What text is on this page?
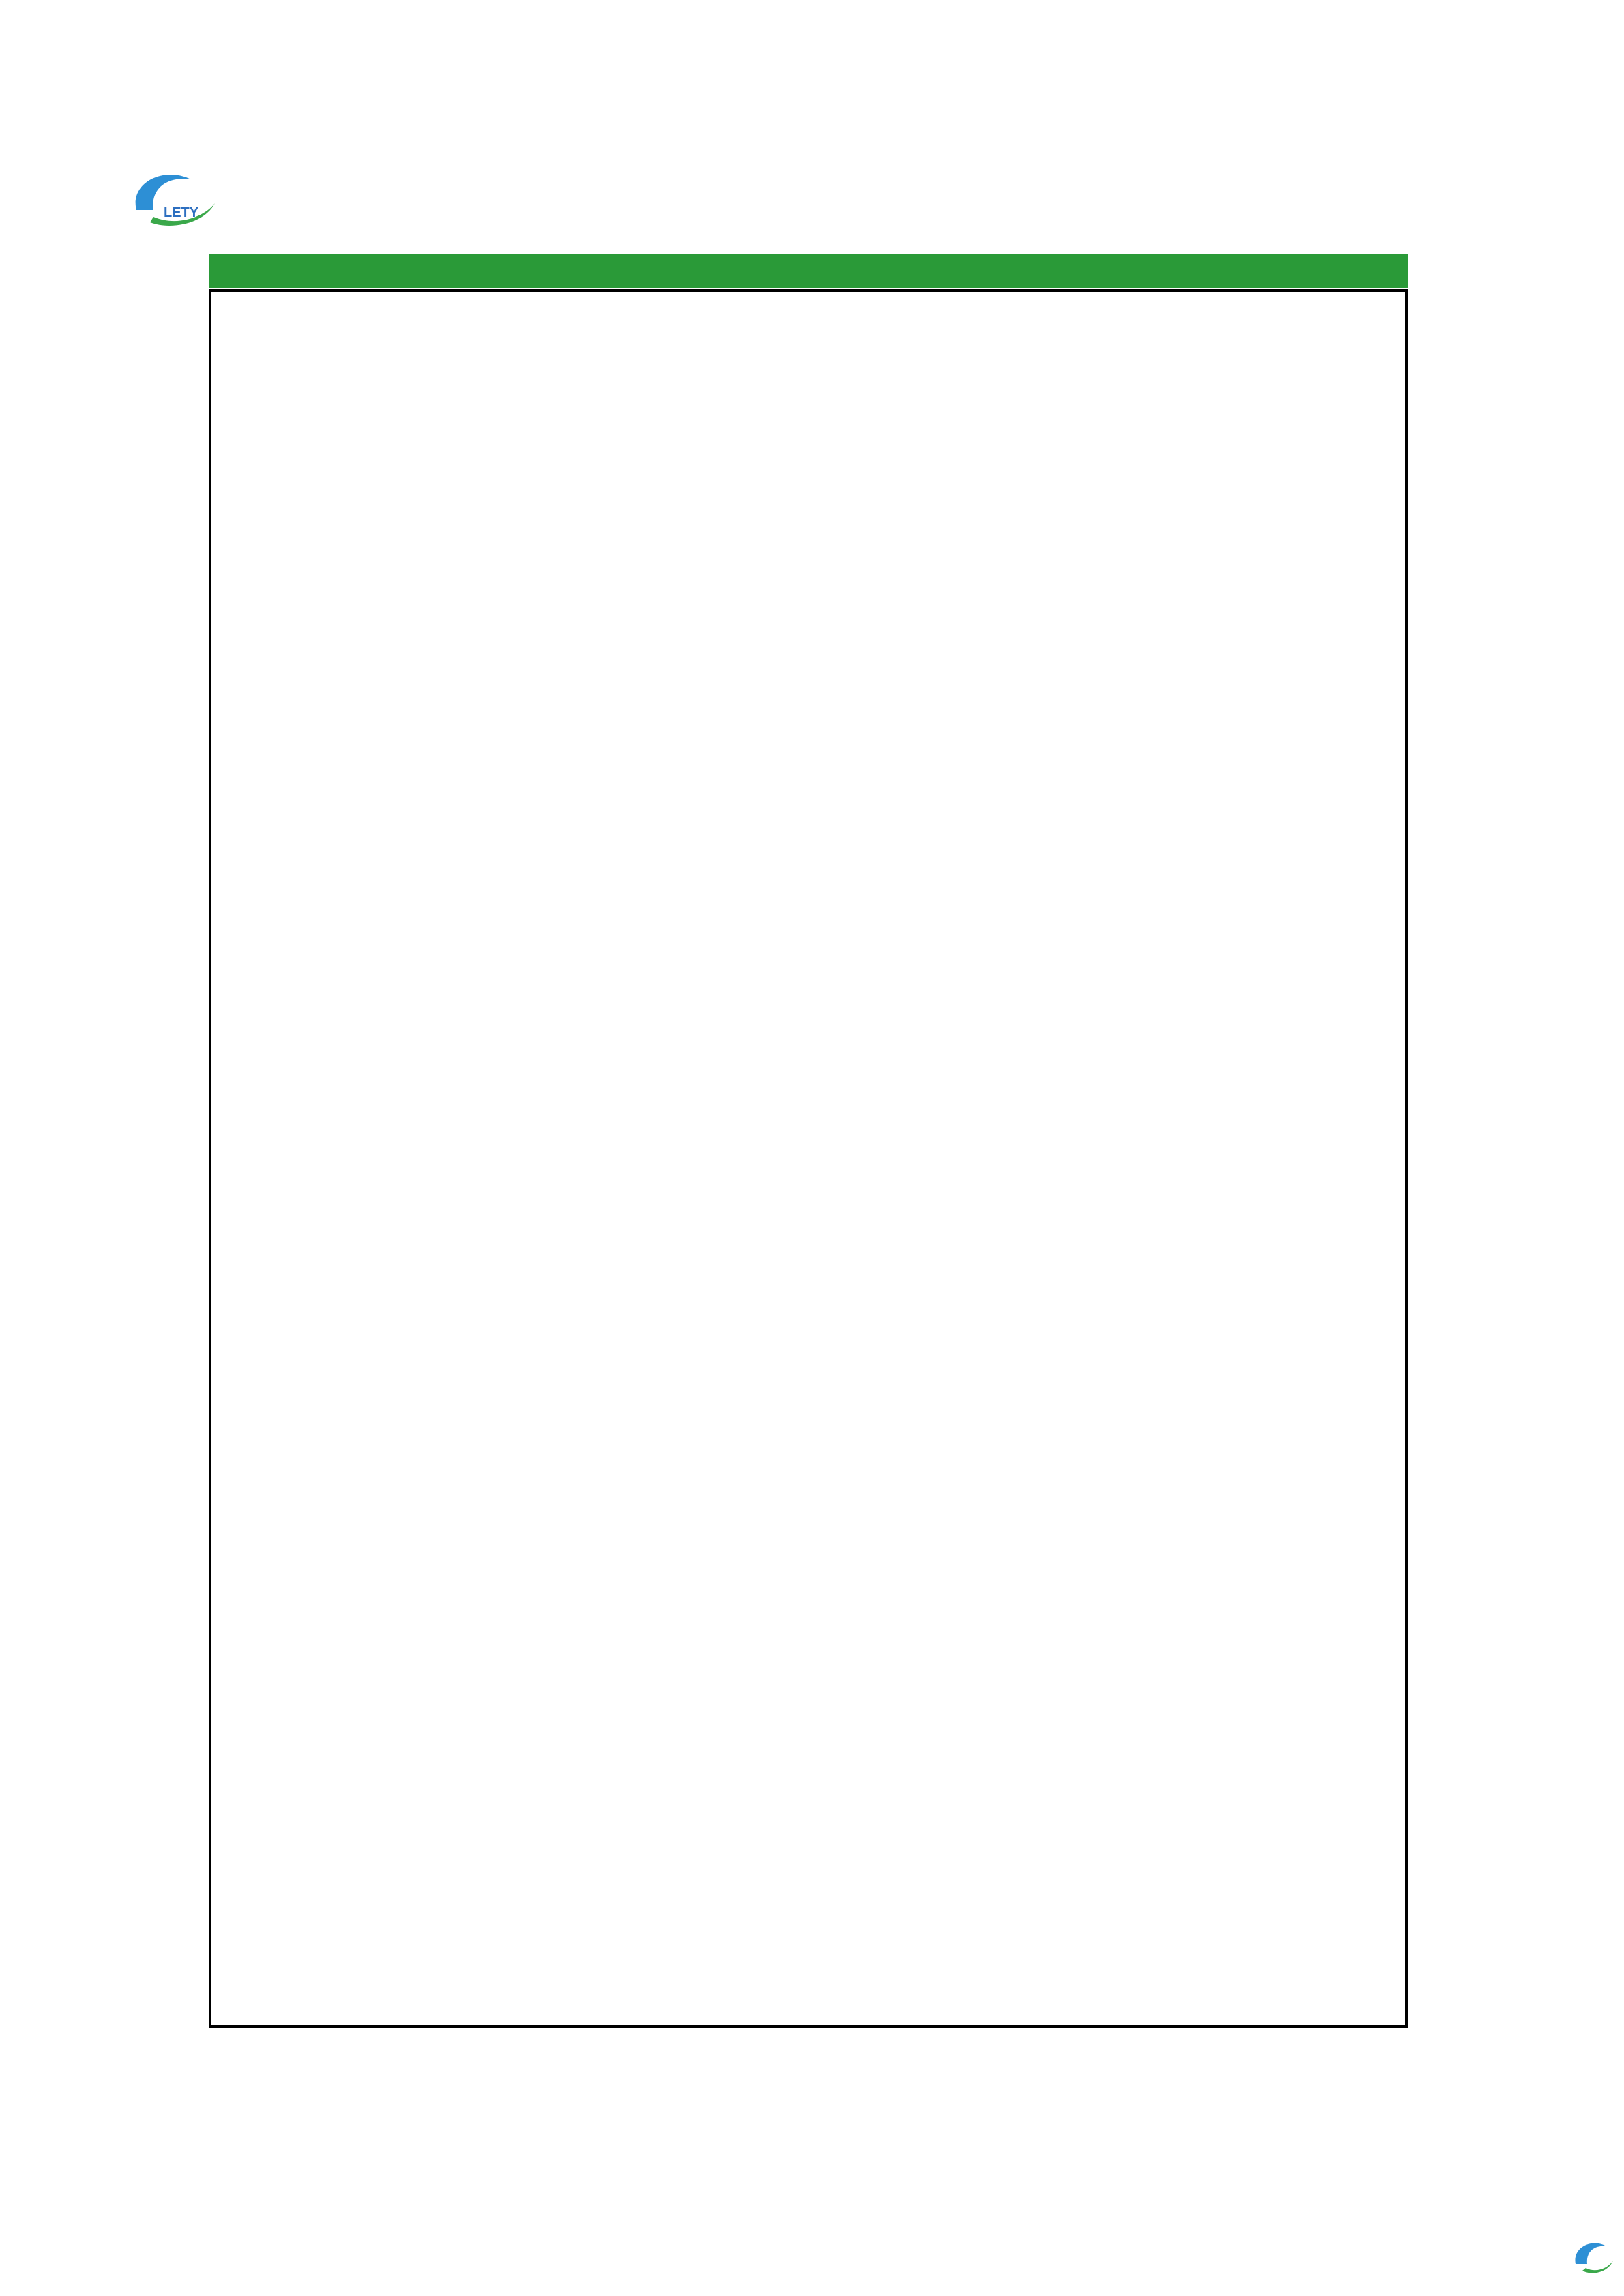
LETY
